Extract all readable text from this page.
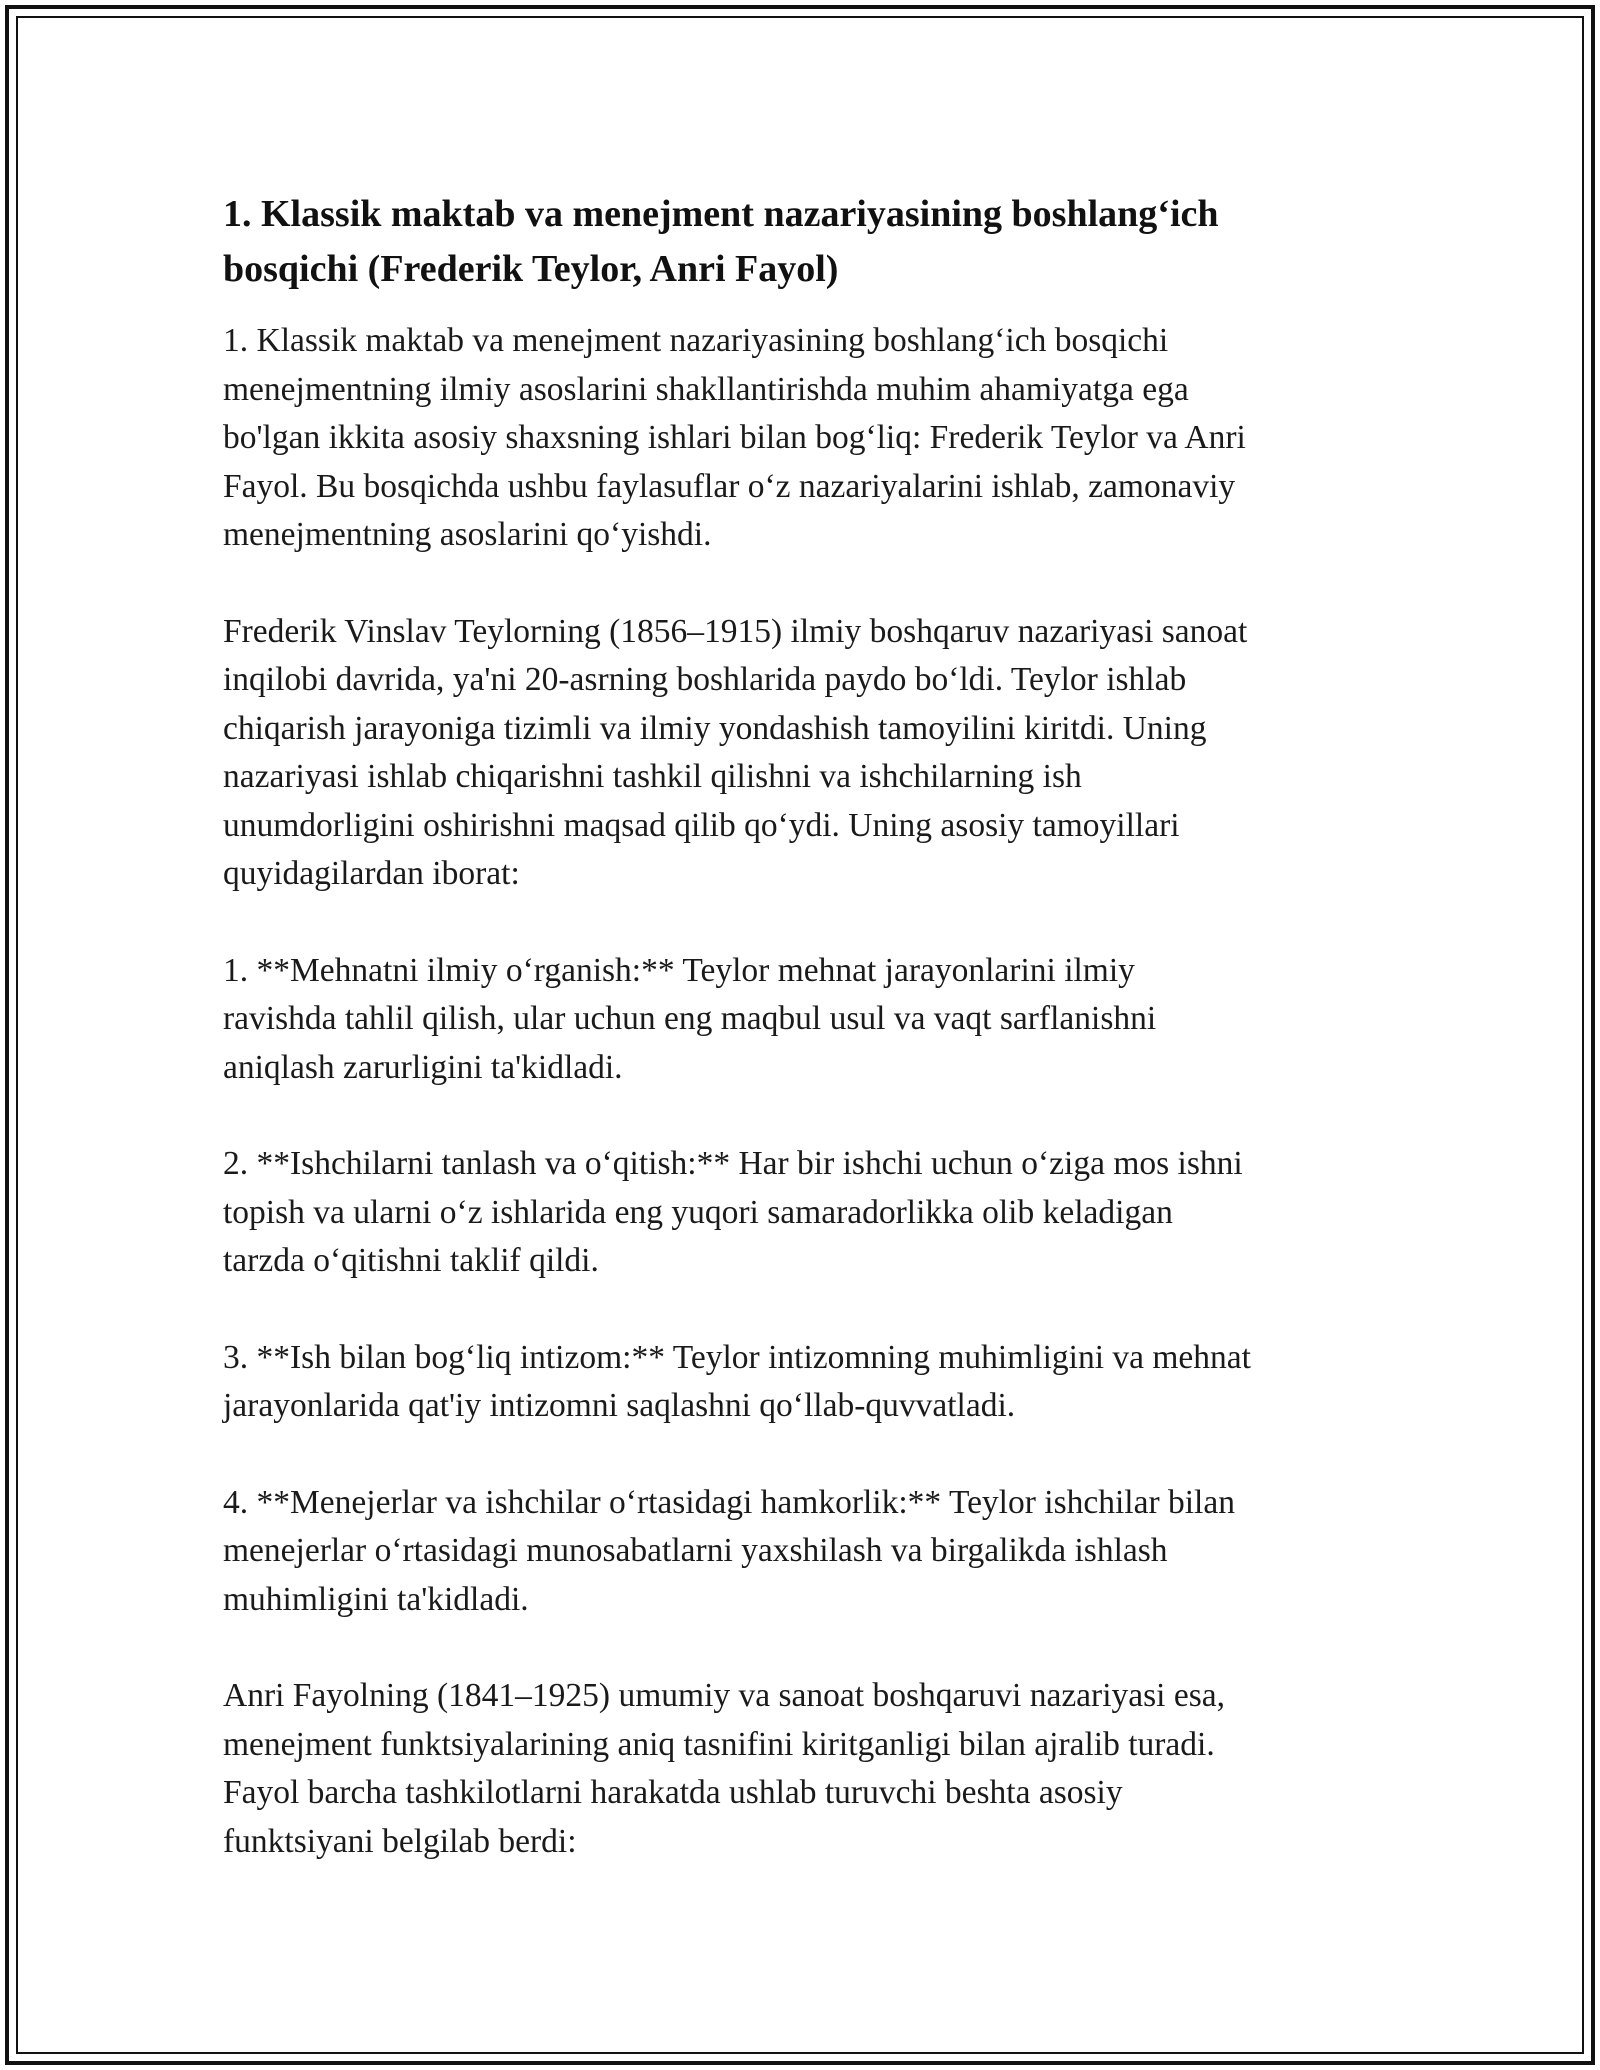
1. Klassik maktab va menejment nazariyasining boshlang‘ich
bosqichi (Frederik Teylor, Anri Fayol)

1. Klassik maktab va menejment nazariyasining boshlang‘ich bosqichi
menejmentning ilmiy asoslarini shakllantirishda muhim ahamiyatga ega
bo'lgan ikkita asosiy shaxsning ishlari bilan bog‘liq: Frederik Teylor va Anri
Fayol. Bu bosqichda ushbu faylasuflar o‘z nazariyalarini ishlab, zamonaviy
menejmentning asoslarini qo‘yishdi.

Frederik Vinslav Teylorning (1856–1915) ilmiy boshqaruv nazariyasi sanoat
inqilobi davrida, ya'ni 20-asrning boshlarida paydo bo‘ldi. Teylor ishlab
chiqarish jarayoniga tizimli va ilmiy yondashish tamoyilini kiritdi. Uning
nazariyasi ishlab chiqarishni tashkil qilishni va ishchilarning ish
unumdorligini oshirishni maqsad qilib qo‘ydi. Uning asosiy tamoyillari
quyidagilardan iborat:

1. **Mehnatni ilmiy o‘rganish:** Teylor mehnat jarayonlarini ilmiy
ravishda tahlil qilish, ular uchun eng maqbul usul va vaqt sarflanishni
aniqlash zarurligini ta'kidladi.

2. **Ishchilarni tanlash va o‘qitish:** Har bir ishchi uchun o‘ziga mos ishni
topish va ularni o‘z ishlarida eng yuqori samaradorlikka olib keladigan
tarzda o‘qitishni taklif qildi.

3. **Ish bilan bog‘liq intizom:** Teylor intizomning muhimligini va mehnat
jarayonlarida qat'iy intizomni saqlashni qo‘llab-quvvatladi.

4. **Menejerlar va ishchilar o‘rtasidagi hamkorlik:** Teylor ishchilar bilan
menejerlar o‘rtasidagi munosabatlarni yaxshilash va birgalikda ishlash
muhimligini ta'kidladi.

Anri Fayolning (1841–1925) umumiy va sanoat boshqaruvi nazariyasi esa,
menejment funktsiyalarining aniq tasnifini kiritganligi bilan ajralib turadi.
Fayol barcha tashkilotlarni harakatda ushlab turuvchi beshta asosiy
funktsiyani belgilab berdi:
